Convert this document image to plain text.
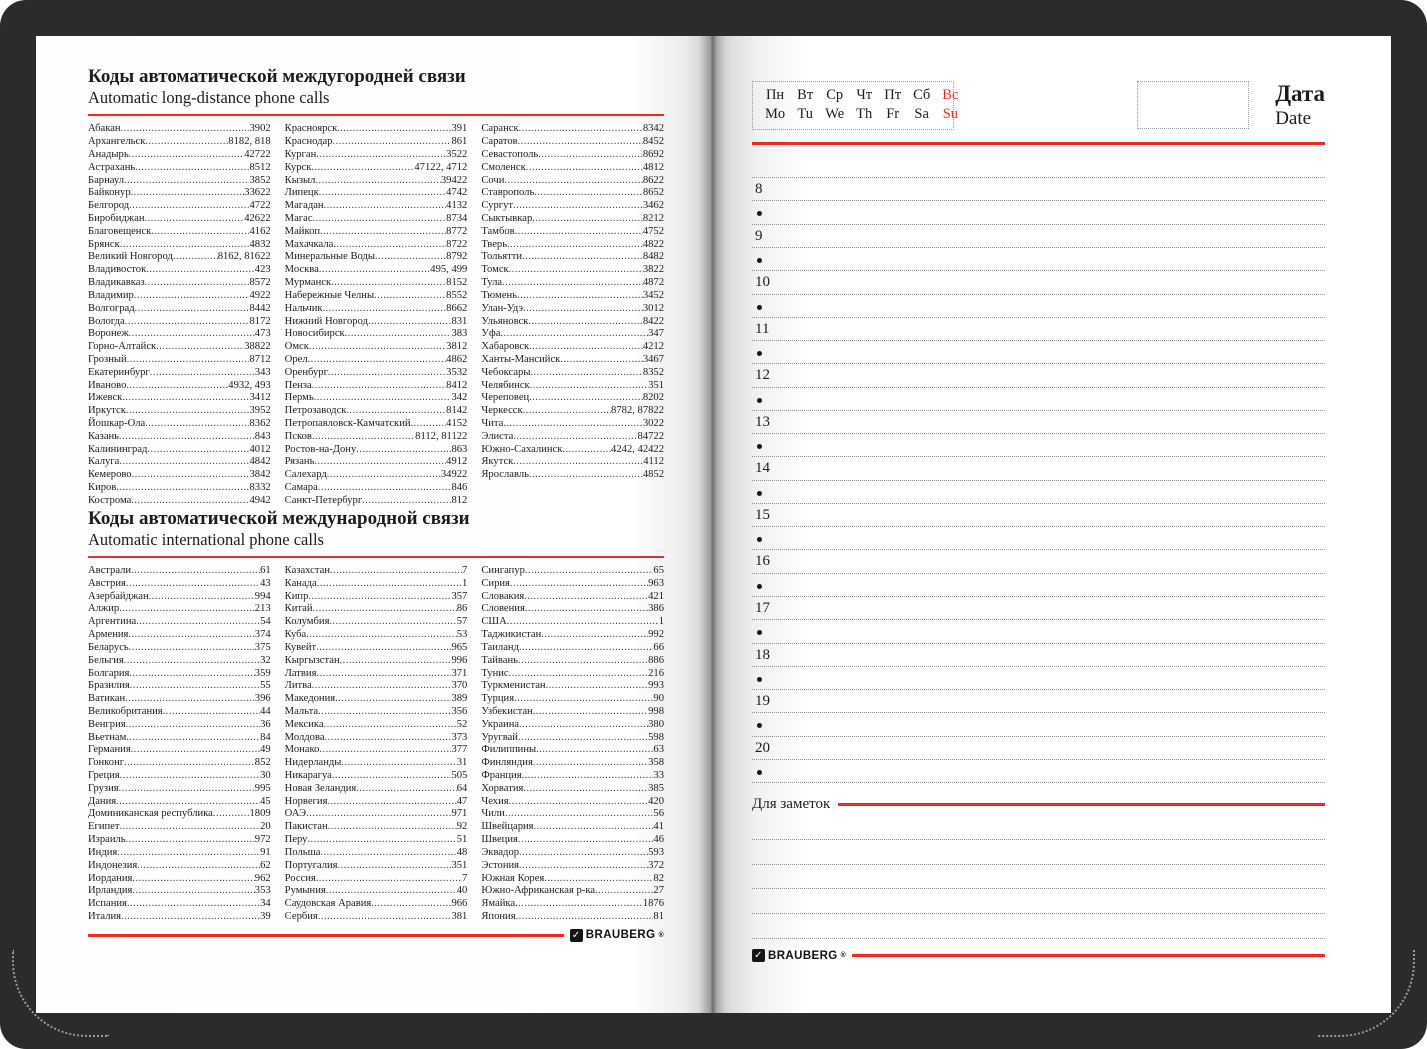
Коды автоматической междугородней связи
Automatic long-distance phone calls
Абакан .....	3902
Архангельск .....	8182, 818
Анадырь .....	42722
Астрахань .....	8512
Барнаул .....	3852
Байконур .....	33622
Белгород .....	4722
Биробиджан .....	42622
Благовещенск .....	4162
Брянск .....	4832
Великий Новгород .....	8162, 81622
Владивосток .....	423
Владикавказ .....	8572
Владимир .....	4922
Волгоград .....	8442
Вологда .....	8172
Воронеж .....	473
Горно-Алтайск .....	38822
Грозный .....	8712
Екатеринбург .....	343
Иваново .....	4932, 493
Ижевск .....	3412
Иркутск .....	3952
Йошкар-Ола .....	8362
Казань .....	843
Калининград .....	4012
Калуга .....	4842
Кемерово .....	3842
Киров .....	8332
Кострома .....	4942
Красноярск .....	391
Краснодар .....	861
Курган .....	3522
Курск .....	47122, 4712
Кызыл .....	39422
Липецк .....	4742
Магадан .....	4132
Магас .....	8734
Майкоп .....	8772
Махачкала .....	8722
Минеральные Воды .....	8792
Москва .....	495, 499
Мурманск .....	8152
Набережные Челны .....	8552
Нальчик .....	8662
Нижний Новгород .....	831
Новосибирск .....	383
Омск .....	3812
Орел .....	4862
Оренбург .....	3532
Пенза .....	8412
Пермь .....	342
Петрозаводск .....	8142
Петропавловск-Камчатский .....	4152
Псков .....	8112, 81122
Ростов-на-Дону .....	863
Рязань .....	4912
Салехард .....	34922
Самара .....	846
Санкт-Петербург .....	812
Саранск .....	8342
Саратов .....	8452
Севастополь .....	8692
Смоленск .....	4812
Сочи .....	8622
Ставрополь .....	8652
Сургут .....	3462
Сыктывкар .....	8212
Тамбов .....	4752
Тверь .....	4822
Тольятти .....	8482
Томск .....	3822
Тула .....	4872
Тюмень .....	3452
Улан-Удэ .....	3012
Ульяновск .....	8422
Уфа .....	347
Хабаровск .....	4212
Ханты-Мансийск .....	3467
Чебоксары .....	8352
Челябинск .....	351
Череповец .....	8202
Черкесск .....	8782, 87822
Чита .....	3022
Элиста .....	84722
Южно-Сахалинск .....	4242, 42422
Якутск .....	4112
Ярославль .....	4852
Коды автоматической международной связи
Automatic international phone calls
Австрали .....	61
Австрия .....	43
Азербайджан .....	994
Алжир .....	213
Аргентина .....	54
Армения .....	374
Беларусь .....	375
Бельгия .....	32
Болгария .....	359
Бразилия .....	55
Ватикан .....	396
Великобритания .....	44
Венгрия .....	36
Вьетнам .....	84
Германия .....	49
Гонконг .....	852
Греция .....	30
Грузия .....	995
Дания .....	45
Доминиканская республика .....	1809
Египет .....	20
Израиль .....	972
Индия .....	91
Индонезия .....	62
Иордания .....	962
Ирландия .....	353
Испания .....	34
Италия .....	39
Казахстан .....	7
Канада .....	1
Кипр .....	357
Китай .....	86
Колумбия .....	57
Куба .....	53
Кувейт .....	965
Кыргызстан .....	996
Латвия .....	371
Литва .....	370
Македония .....	389
Мальта .....	356
Мексика .....	52
Молдова .....	373
Монако .....	377
Нидерланды .....	31
Никарагуа .....	505
Новая Зеландия .....	64
Норвегия .....	47
ОАЭ .....	971
Пакистан .....	92
Перу .....	51
Польша .....	48
Португалия .....	351
Россия .....	7
Румыния .....	40
Саудовская Аравия .....	966
Сербия .....	381
Сингапур .....	65
Сирия .....	963
Словакия .....	421
Словения .....	386
США .....	1
Таджикистан .....	992
Таиланд .....	66
Тайвань .....	886
Тунис .....	216
Туркменистан .....	993
Турция .....	90
Узбекистан .....	998
Украина .....	380
Уругвай .....	598
Филиппины .....	63
Финляндия .....	358
Франция .....	33
Хорватия .....	385
Чехия .....	420
Чили .....	56
Швейцария .....	41
Швеция .....	46
Эквадор .....	593
Эстония .....	372
Южная Корея .....	82
Южно-Африканская р-ка .....	27
Ямайка .....	1876
Япония .....	81
✓ BRAUBERG ®
Пн Вт Ср Чт Пт Сб Вс
Mo Tu We Th Fr Sa Su
Дата
Date
8
9
10
11
12
13
14
15
16
17
18
19
20
Для заметок
✓ BRAUBERG ®
